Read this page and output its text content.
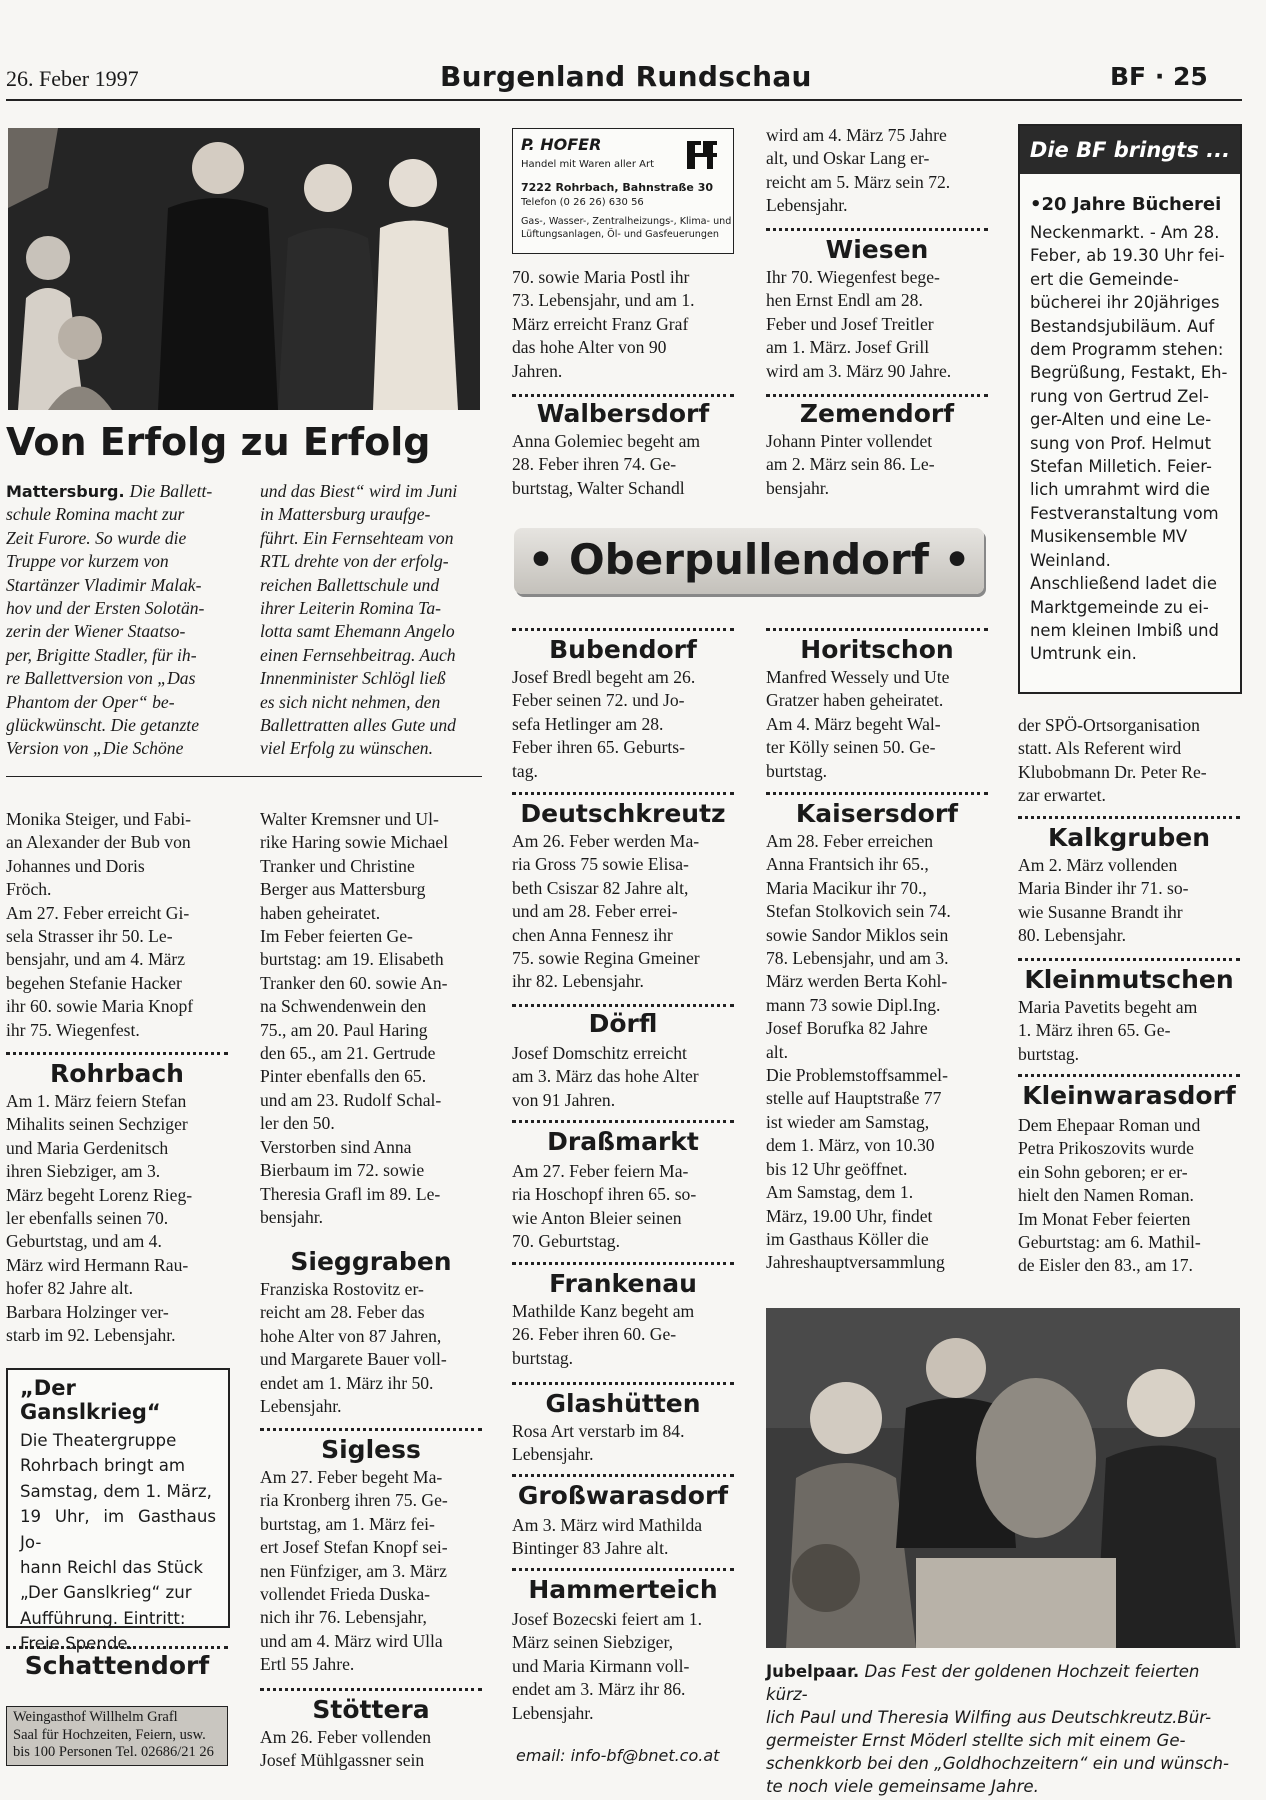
26. Feber 1997	Burgenland Rundschau	BF · 25
Von Erfolg zu Erfolg
Mattersburg. Die Ballett-
schule Romina macht zur
Zeit Furore. So wurde die
Truppe vor kurzem von
Startänzer Vladimir Malak-
hov und der Ersten Solotän-
zerin der Wiener Staatso-
per, Brigitte Stadler, für ih-
re Ballettversion von „Das
Phantom der Oper“ be-
glückwünscht. Die getanzte
Version von „Die Schöne
und das Biest“ wird im Juni
in Mattersburg uraufge-
führt. Ein Fernsehteam von
RTL drehte von der erfolg-
reichen Ballettschule und
ihrer Leiterin Romina Ta-
lotta samt Ehemann Angelo
einen Fernsehbeitrag. Auch
Innenminister Schlögl ließ
es sich nicht nehmen, den
Ballettratten alles Gute und
viel Erfolg zu wünschen.
Monika Steiger, und Fabi-
an Alexander der Bub von
Johannes und Doris
Fröch.
Am 27. Feber erreicht Gi-
sela Strasser ihr 50. Le-
bensjahr, und am 4. März
begehen Stefanie Hacker
ihr 60. sowie Maria Knopf
ihr 75. Wiegenfest.
Rohrbach
Am 1. März feiern Stefan
Mihalits seinen Sechziger
und Maria Gerdenitsch
ihren Siebziger, am 3.
März begeht Lorenz Rieg-
ler ebenfalls seinen 70.
Geburtstag, und am 4.
März wird Hermann Rau-
hofer 82 Jahre alt.
Barbara Holzinger ver-
starb im 92. Lebensjahr.
„Der Ganslkrieg“
Die Theatergruppe
Rohrbach bringt am
Samstag, dem 1. März,
19 Uhr, im Gasthaus Jo-
hann Reichl das Stück
„Der Ganslkrieg“ zur
Aufführung. Eintritt:
Freie Spende.
Schattendorf
Weingasthof Willhelm Grafl
Saal für Hochzeiten, Feiern, usw.
bis 100 Personen Tel. 02686/21 26
Walter Kremsner und Ul-
rike Haring sowie Michael
Tranker und Christine
Berger aus Mattersburg
haben geheiratet.
Im Feber feierten Ge-
burtstag: am 19. Elisabeth
Tranker den 60. sowie An-
na Schwendenwein den
75., am 20. Paul Haring
den 65., am 21. Gertrude
Pinter ebenfalls den 65.
und am 23. Rudolf Schal-
ler den 50.
Verstorben sind Anna
Bierbaum im 72. sowie
Theresia Grafl im 89. Le-
bensjahr.
Sieggraben
Franziska Rostovitz er-
reicht am 28. Feber das
hohe Alter von 87 Jahren,
und Margarete Bauer voll-
endet am 1. März ihr 50.
Lebensjahr.
Sigless
Am 27. Feber begeht Ma-
ria Kronberg ihren 75. Ge-
burtstag, am 1. März fei-
ert Josef Stefan Knopf sei-
nen Fünfziger, am 3. März
vollendet Frieda Duska-
nich ihr 76. Lebensjahr,
und am 4. März wird Ulla
Ertl 55 Jahre.
Stöttera
Am 26. Feber vollenden
Josef Mühlgassner sein
P. HOFER
Handel mit Waren aller Art
7222 Rohrbach, Bahnstraße 30
Telefon (0 26 26) 630 56
Gas-, Wasser-, Zentralheizungs-, Klima- und
Lüftungsanlagen, Öl- und Gasfeuerungen
70. sowie Maria Postl ihr
73. Lebensjahr, und am 1.
März erreicht Franz Graf
das hohe Alter von 90
Jahren.
Walbersdorf
Anna Golemiec begeht am
28. Feber ihren 74. Ge-
burtstag, Walter Schandl
• Oberpullendorf •
Bubendorf
Josef Bredl begeht am 26.
Feber seinen 72. und Jo-
sefa Hetlinger am 28.
Feber ihren 65. Geburts-
tag.
Deutschkreutz
Am 26. Feber werden Ma-
ria Gross 75 sowie Elisa-
beth Csiszar 82 Jahre alt,
und am 28. Feber errei-
chen Anna Fennesz ihr
75. sowie Regina Gmeiner
ihr 82. Lebensjahr.
Dörfl
Josef Domschitz erreicht
am 3. März das hohe Alter
von 91 Jahren.
Draßmarkt
Am 27. Feber feiern Ma-
ria Hoschopf ihren 65. so-
wie Anton Bleier seinen
70. Geburtstag.
Frankenau
Mathilde Kanz begeht am
26. Feber ihren 60. Ge-
burtstag.
Glashütten
Rosa Art verstarb im 84.
Lebensjahr.
Großwarasdorf
Am 3. März wird Mathilda
Bintinger 83 Jahre alt.
Hammerteich
Josef Bozecski feiert am 1.
März seinen Siebziger,
und Maria Kirmann voll-
endet am 3. März ihr 86.
Lebensjahr.
email: info-bf@bnet.co.at
wird am 4. März 75 Jahre
alt, und Oskar Lang er-
reicht am 5. März sein 72.
Lebensjahr.
Wiesen
Ihr 70. Wiegenfest bege-
hen Ernst Endl am 28.
Feber und Josef Treitler
am 1. März. Josef Grill
wird am 3. März 90 Jahre.
Zemendorf
Johann Pinter vollendet
am 2. März sein 86. Le-
bensjahr.
Horitschon
Manfred Wessely und Ute
Gratzer haben geheiratet.
Am 4. März begeht Wal-
ter Kölly seinen 50. Ge-
burtstag.
Kaisersdorf
Am 28. Feber erreichen
Anna Frantsich ihr 65.,
Maria Macikur ihr 70.,
Stefan Stolkovich sein 74.
sowie Sandor Miklos sein
78. Lebensjahr, und am 3.
März werden Berta Kohl-
mann 73 sowie Dipl.Ing.
Josef Borufka 82 Jahre
alt.
Die Problemstoffsammel-
stelle auf Hauptstraße 77
ist wieder am Samstag,
dem 1. März, von 10.30
bis 12 Uhr geöffnet.
Am Samstag, dem 1.
März, 19.00 Uhr, findet
im Gasthaus Köller die
Jahreshauptversammlung
Die BF bringts ...
•20 Jahre Bücherei
Neckenmarkt. - Am 28.
Feber, ab 19.30 Uhr fei-
ert die Gemeinde-
bücherei ihr 20jähriges
Bestandsjubiläum. Auf
dem Programm stehen:
Begrüßung, Festakt, Eh-
rung von Gertrud Zel-
ger-Alten und eine Le-
sung von Prof. Helmut
Stefan Milletich. Feier-
lich umrahmt wird die
Festveranstaltung vom
Musikensemble MV
Weinland.
Anschließend ladet die
Marktgemeinde zu ei-
nem kleinen Imbiß und
Umtrunk ein.
der SPÖ-Ortsorganisation
statt. Als Referent wird
Klubobmann Dr. Peter Re-
zar erwartet.
Kalkgruben
Am 2. März vollenden
Maria Binder ihr 71. so-
wie Susanne Brandt ihr
80. Lebensjahr.
Kleinmutschen
Maria Pavetits begeht am
1. März ihren 65. Ge-
burtstag.
Kleinwarasdorf
Dem Ehepaar Roman und
Petra Prikoszovits wurde
ein Sohn geboren; er er-
hielt den Namen Roman.
Im Monat Feber feierten
Geburtstag: am 6. Mathil-
de Eisler den 83., am 17.
Jubelpaar. Das Fest der goldenen Hochzeit feierten kürz-
lich Paul und Theresia Wilfing aus Deutschkreutz.Bür-
germeister Ernst Möderl stellte sich mit einem Ge-
schenkkorb bei den „Goldhochzeitern“ ein und wünsch-
te noch viele gemeinsame Jahre.
